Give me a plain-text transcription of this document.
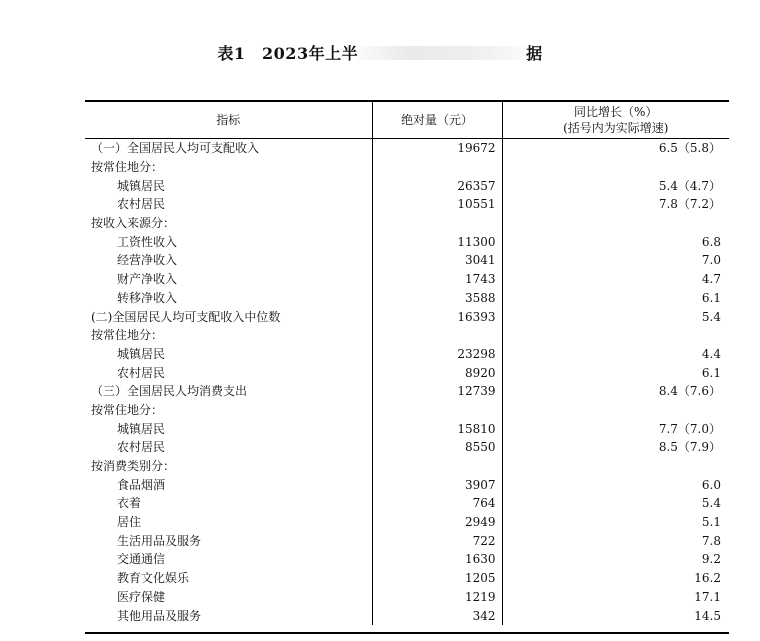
表1　2023年上半	据
指标	绝对量（元）	同比增长（%）
(括号内为实际增速)

（一）全国居民人均可支配收入	19672	6.5（5.8）
按常住地分：		
城镇居民	26357	5.4（4.7）
农村居民	10551	7.8（7.2）
按收入来源分：		
工资性收入	11300	6.8
经营净收入	3041	7.0
财产净收入	1743	4.7
转移净收入	3588	6.1
(二)全国居民人均可支配收入中位数	16393	5.4
按常住地分：		
城镇居民	23298	4.4
农村居民	8920	6.1
（三）全国居民人均消费支出	12739	8.4（7.6）
按常住地分：		
城镇居民	15810	7.7（7.0）
农村居民	8550	8.5（7.9）
按消费类别分：		
食品烟酒	3907	6.0
衣着	764	5.4
居住	2949	5.1
生活用品及服务	722	7.8
交通通信	1630	9.2
教育文化娱乐	1205	16.2
医疗保健	1219	17.1
其他用品及服务	342	14.5
